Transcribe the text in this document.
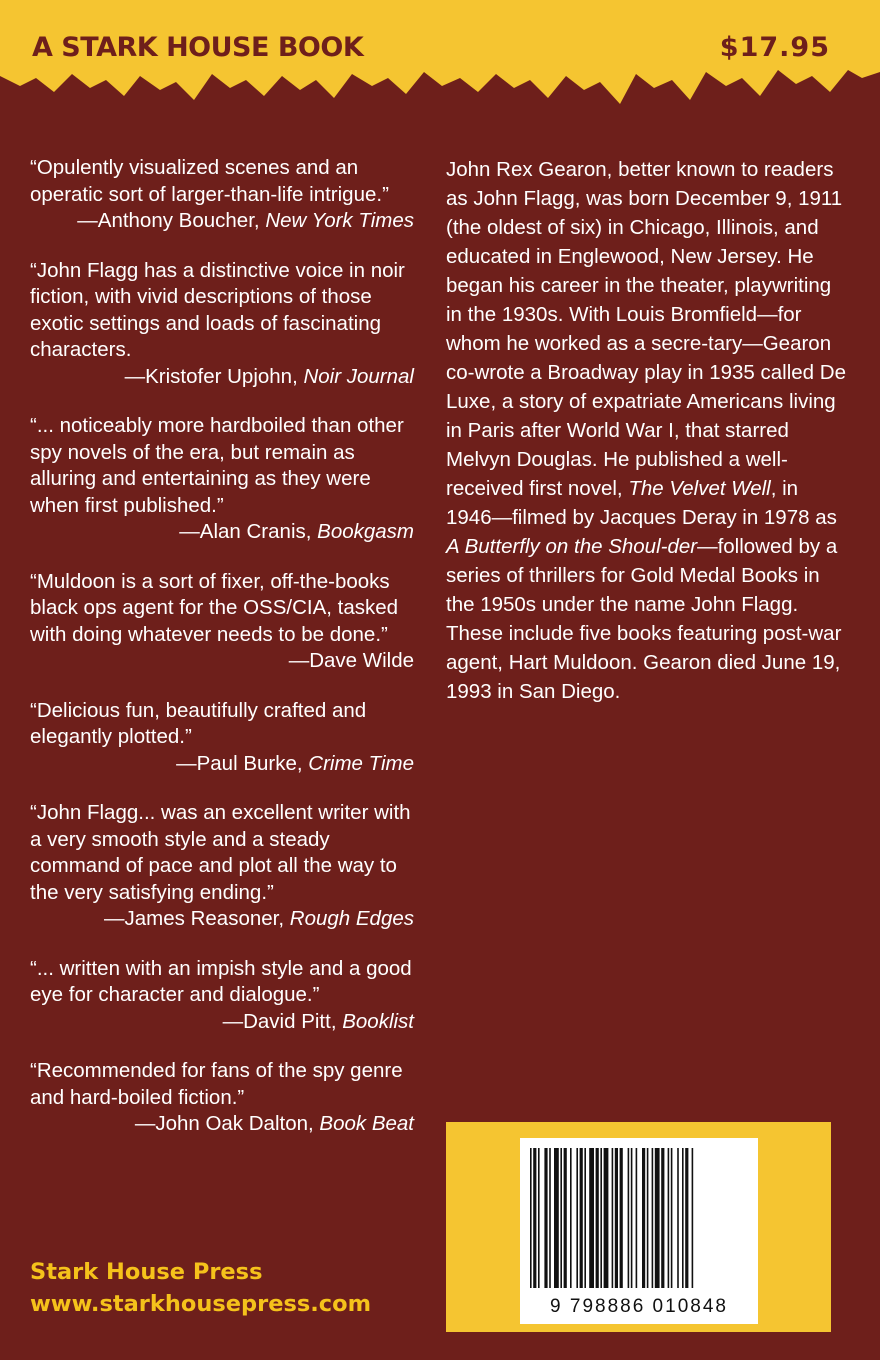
A STARK HOUSE BOOK	$17.95

“Opulently visualized scenes and an operatic sort of larger-than-life intrigue.”

—Anthony Boucher, New York Times

“John Flagg has a distinctive voice in noir fiction, with vivid descriptions of those exotic settings and loads of fascinating characters.

—Kristofer Upjohn, Noir Journal

“... noticeably more hardboiled than other spy novels of the era, but remain as alluring and entertaining as they were when first published.”

—Alan Cranis, Bookgasm

“Muldoon is a sort of fixer, off-the-books black ops agent for the OSS/CIA, tasked with doing whatever needs to be done.”

—Dave Wilde

“Delicious fun, beautifully crafted and elegantly plotted.”

—Paul Burke, Crime Time

“John Flagg... was an excellent writer with a very smooth style and a steady command of pace and plot all the way to the very satisfying ending.”

—James Reasoner, Rough Edges

“... written with an impish style and a good eye for character and dialogue.”

—David Pitt, Booklist

“Recommended for fans of the spy genre and hard-boiled fiction.”

—John Oak Dalton, Book Beat

John Rex Gearon, better known to readers as John Flagg, was born December 9, 1911 (the oldest of six) in Chicago, Illinois, and educated in Englewood, New Jersey. He began his career in the theater, playwriting in the 1930s. With Louis Bromfield—for whom he worked as a secre-tary—Gearon co-wrote a Broadway play in 1935 called De Luxe, a story of expatriate Americans living in Paris after World War I, that starred Melvyn Douglas. He published a well-received first novel, The Velvet Well, in 1946—filmed by Jacques Deray in 1978 as A Butterfly on the Shoul-der—followed by a series of thrillers for Gold Medal Books in the 1950s under the name John Flagg. These include five books featuring post-war agent, Hart Muldoon. Gearon died June 19, 1993 in San Diego.

Stark House Press
www.starkhousepress.com	9 798886 010848
